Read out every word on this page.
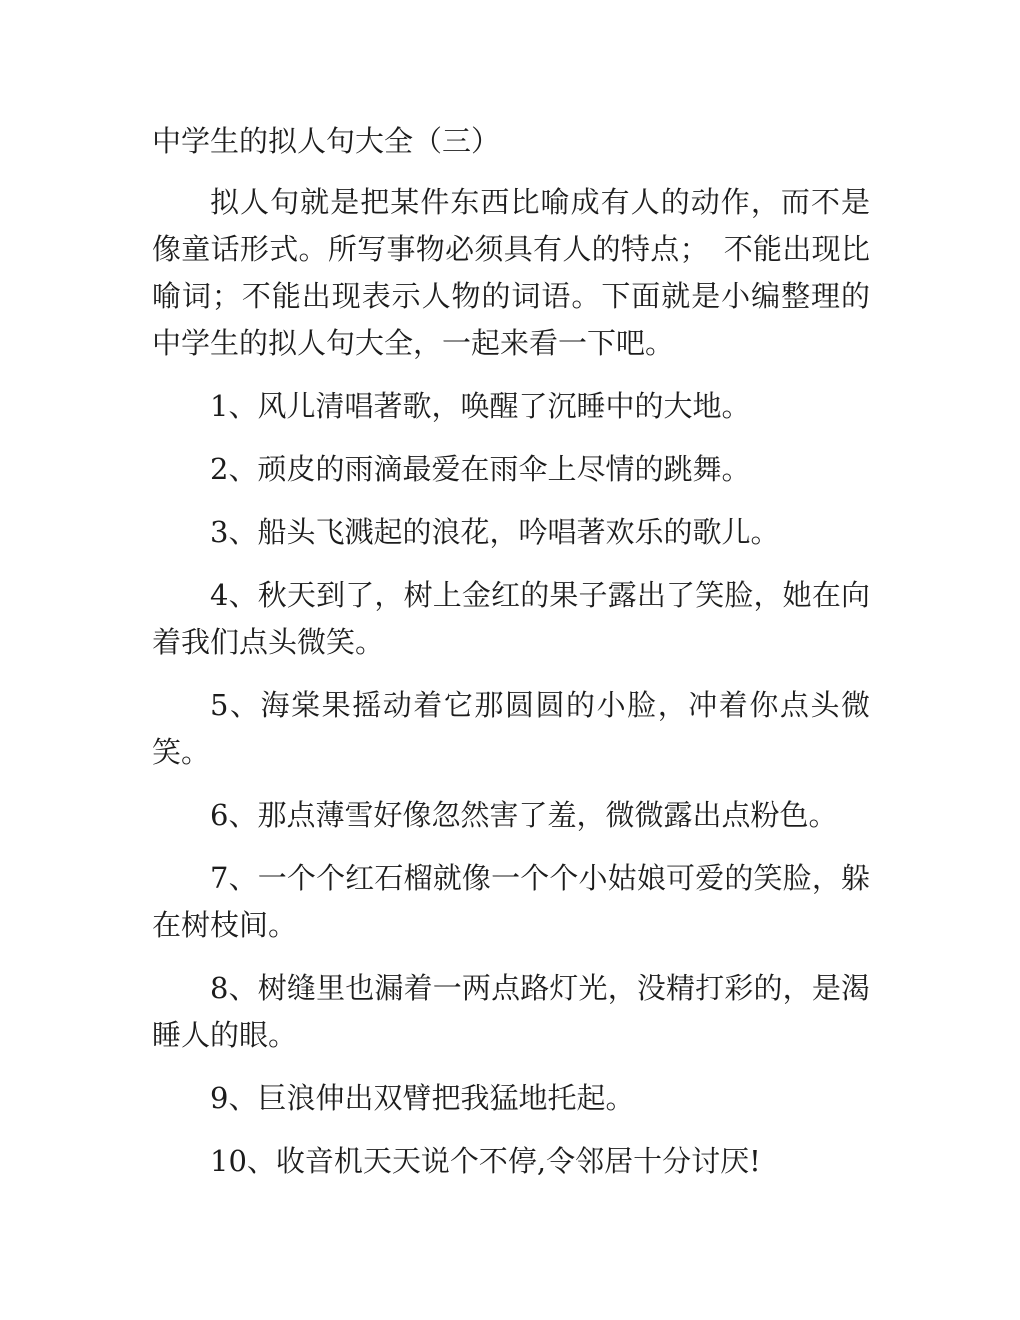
中学生的拟人句大全（三）

拟人句就是把某件东西比喻成有人的动作，而不是像童话形式。所写事物必须具有人的特点；　不能出现比喻词；不能出现表示人物的词语。下面就是小编整理的中学生的拟人句大全，一起来看一下吧。

1、风儿清唱著歌，唤醒了沉睡中的大地。

2、顽皮的雨滴最爱在雨伞上尽情的跳舞。

3、船头飞溅起的浪花，吟唱著欢乐的歌儿。

4、秋天到了，树上金红的果子露出了笑脸，她在向着我们点头微笑。

5、海棠果摇动着它那圆圆的小脸，冲着你点头微笑。

6、那点薄雪好像忽然害了羞，微微露出点粉色。

7、一个个红石榴就像一个个小姑娘可爱的笑脸，躲在树枝间。

8、树缝里也漏着一两点路灯光，没精打彩的，是渴睡人的眼。

9、巨浪伸出双臂把我猛地托起。

10、收音机天天说个不停,令邻居十分讨厌!
